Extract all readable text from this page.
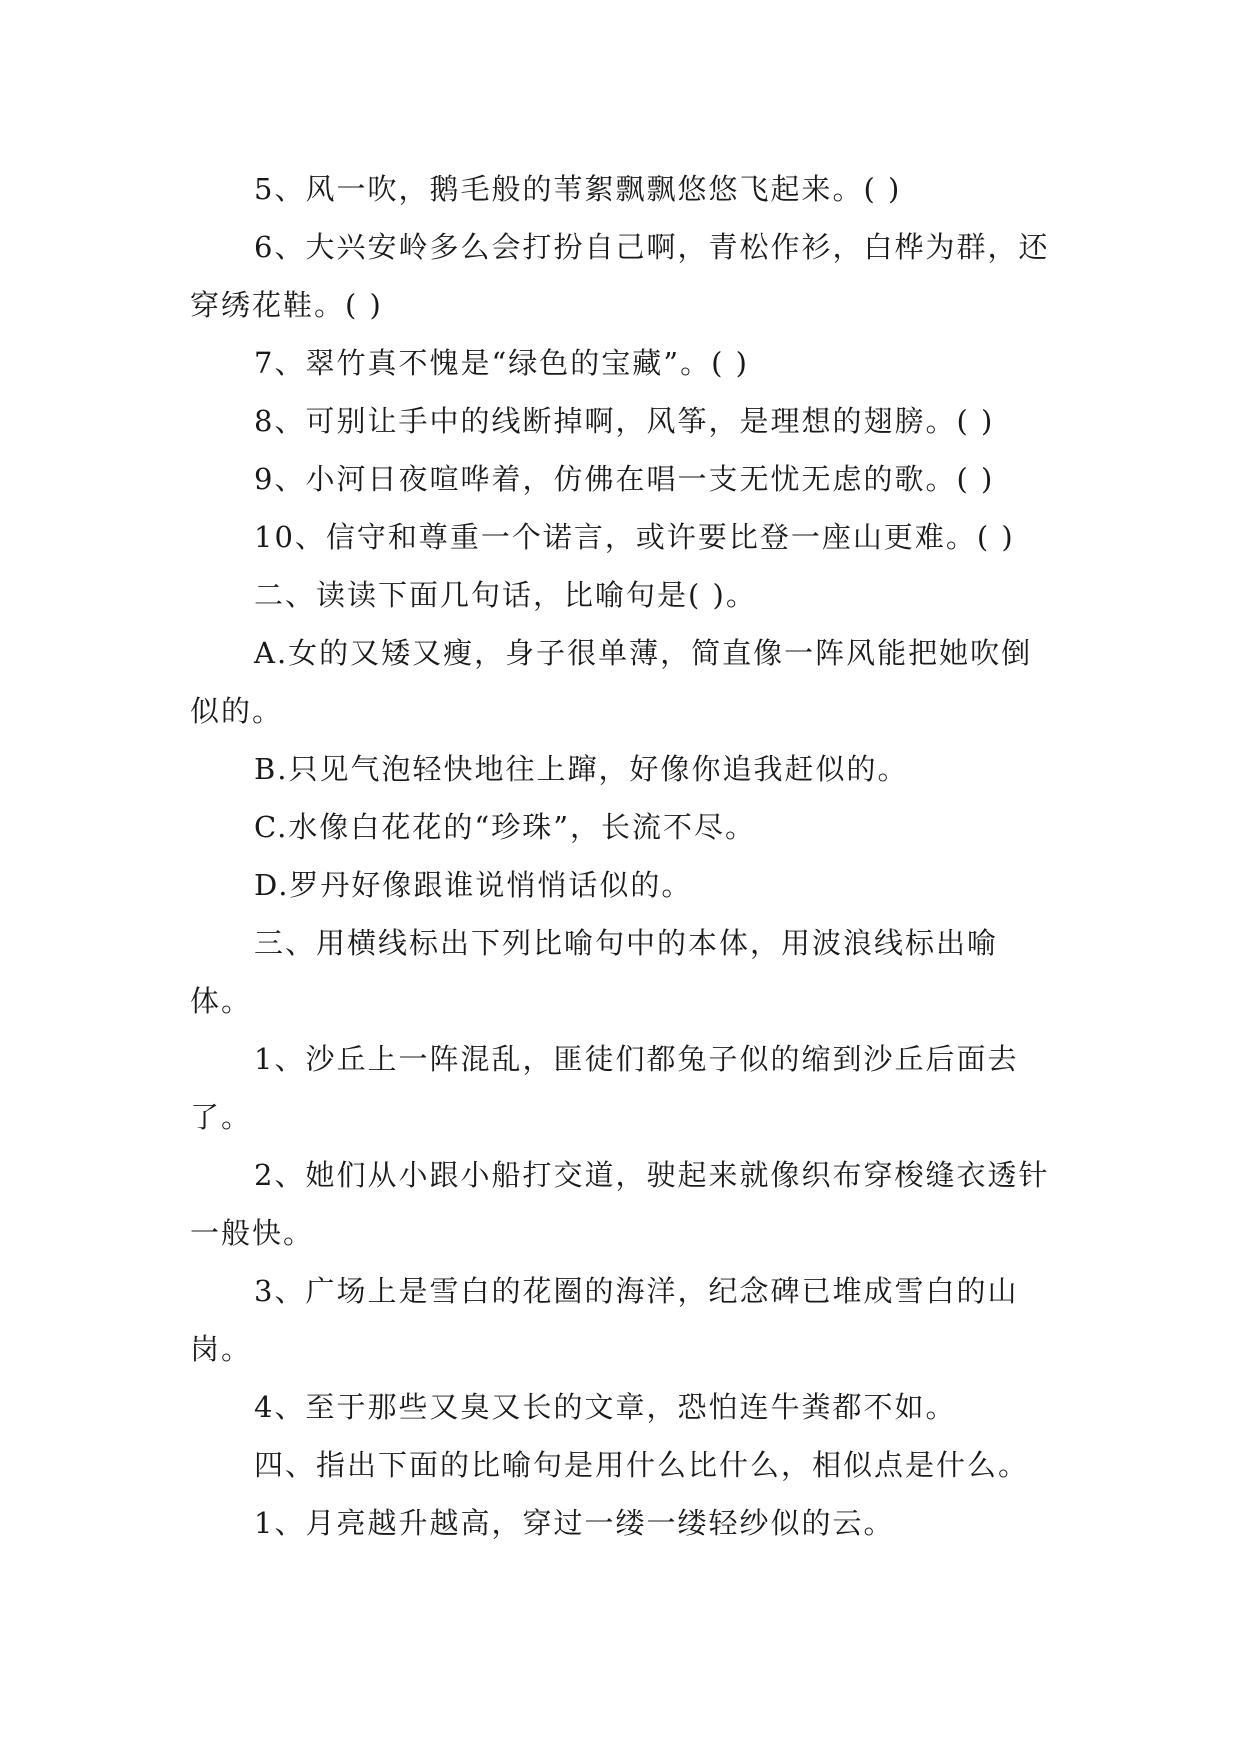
5、风一吹，鹅毛般的苇絮飘飘悠悠飞起来。( )

6、大兴安岭多么会打扮自己啊，青松作衫，白桦为群，还穿绣花鞋。( )

7、翠竹真不愧是“绿色的宝藏”。( )

8、可别让手中的线断掉啊，风筝，是理想的翅膀。( )

9、小河日夜喧哗着，仿佛在唱一支无忧无虑的歌。( )

10、信守和尊重一个诺言，或许要比登一座山更难。( )

二、读读下面几句话，比喻句是( )。

A.女的又矮又瘦，身子很单薄，简直像一阵风能把她吹倒似的。

B.只见气泡轻快地往上蹿，好像你追我赶似的。

C.水像白花花的“珍珠”，长流不尽。

D.罗丹好像跟谁说悄悄话似的。

三、用横线标出下列比喻句中的本体，用波浪线标出喻体。

1、沙丘上一阵混乱，匪徒们都兔子似的缩到沙丘后面去了。

2、她们从小跟小船打交道，驶起来就像织布穿梭缝衣透针一般快。

3、广场上是雪白的花圈的海洋，纪念碑已堆成雪白的山岗。

4、至于那些又臭又长的文章，恐怕连牛粪都不如。

四、指出下面的比喻句是用什么比什么，相似点是什么。

1、月亮越升越高，穿过一缕一缕轻纱似的云。
